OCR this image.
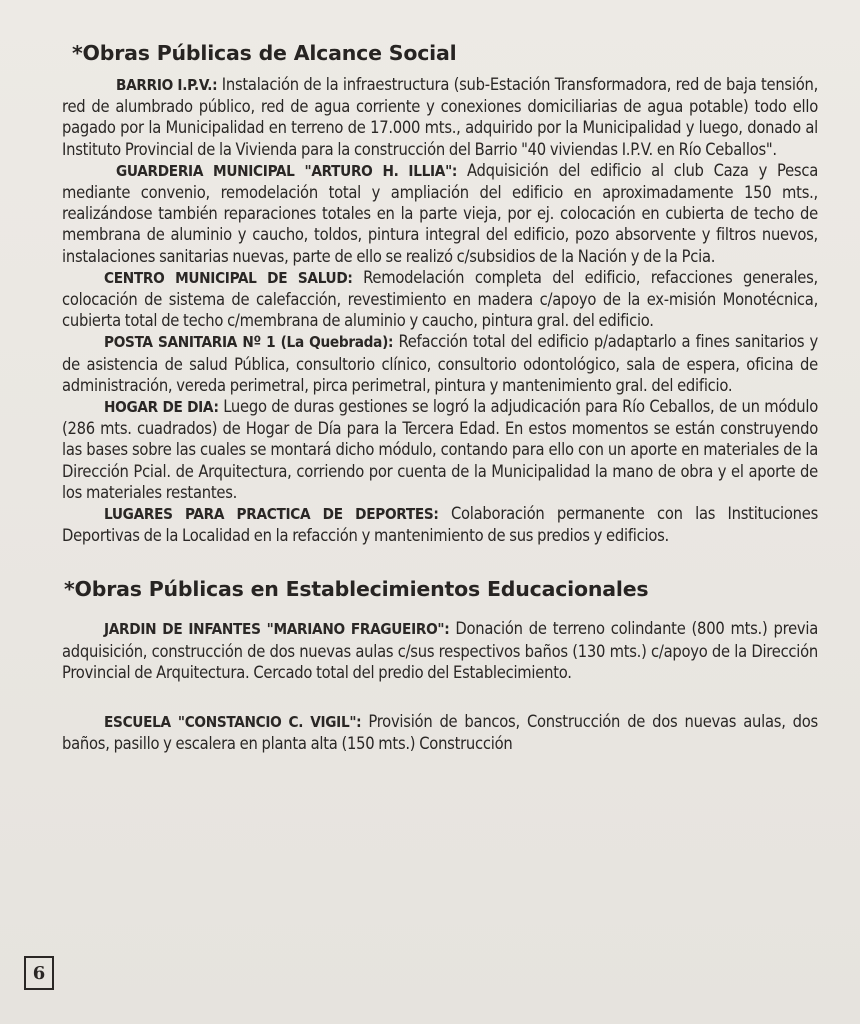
*Obras Públicas de Alcance Social

BARRIO I.P.V.: Instalación de la infraestructura (sub-Estación Transformadora, red de baja tensión, red de alumbrado público, red de agua corriente y conexiones domiciliarias de agua potable) todo ello pagado por la Municipalidad en terreno de 17.000 mts., adquirido por la Municipalidad y luego, donado al Instituto Provincial de la Vivienda para la construcción del Barrio "40 viviendas I.P.V. en Río Ceballos".

GUARDERIA MUNICIPAL "ARTURO H. ILLIA": Adquisición del edificio al club Caza y Pesca mediante convenio, remodelación total y ampliación del edificio en aproximadamente 150 mts., realizándose también reparaciones totales en la parte vieja, por ej. colocación en cubierta de techo de membrana de aluminio y caucho, toldos, pintura integral del edificio, pozo absorvente y filtros nuevos, instalaciones sanitarias nuevas, parte de ello se realizó c/subsidios de la Nación y de la Pcia.

CENTRO MUNICIPAL DE SALUD: Remodelación completa del edificio, refacciones generales, colocación de sistema de calefacción, revestimiento en madera c/apoyo de la ex-misión Monotécnica, cubierta total de techo c/membrana de aluminio y caucho, pintura gral. del edificio.

POSTA SANITARIA Nº 1 (La Quebrada): Refacción total del edificio p/adaptarlo a fines sanitarios y de asistencia de salud Pública, consultorio clínico, consultorio odontológico, sala de espera, oficina de administración, vereda perimetral, pirca perimetral, pintura y mantenimiento gral. del edificio.

HOGAR DE DIA: Luego de duras gestiones se logró la adjudicación para Río Ceballos, de un módulo (286 mts. cuadrados) de Hogar de Día para la Tercera Edad. En estos momentos se están construyendo las bases sobre las cuales se montará dicho módulo, contando para ello con un aporte en materiales de la Dirección Pcial. de Arquitectura, corriendo por cuenta de la Municipalidad la mano de obra y el aporte de los materiales restantes.

LUGARES PARA PRACTICA DE DEPORTES: Colaboración permanente con las Instituciones Deportivas de la Localidad en la refacción y mantenimiento de sus predios y edificios.

*Obras Públicas en Establecimientos Educacionales

JARDIN DE INFANTES "MARIANO FRAGUEIRO": Donación de terreno colindante (800 mts.) previa adquisición, construcción de dos nuevas aulas c/sus respectivos baños (130 mts.) c/apoyo de la Dirección Provincial de Arquitectura. Cercado total del predio del Establecimiento.

ESCUELA "CONSTANCIO C. VIGIL": Provisión de bancos, Construcción de dos nuevas aulas, dos baños, pasillo y escalera en planta alta (150 mts.) Construcción

6
